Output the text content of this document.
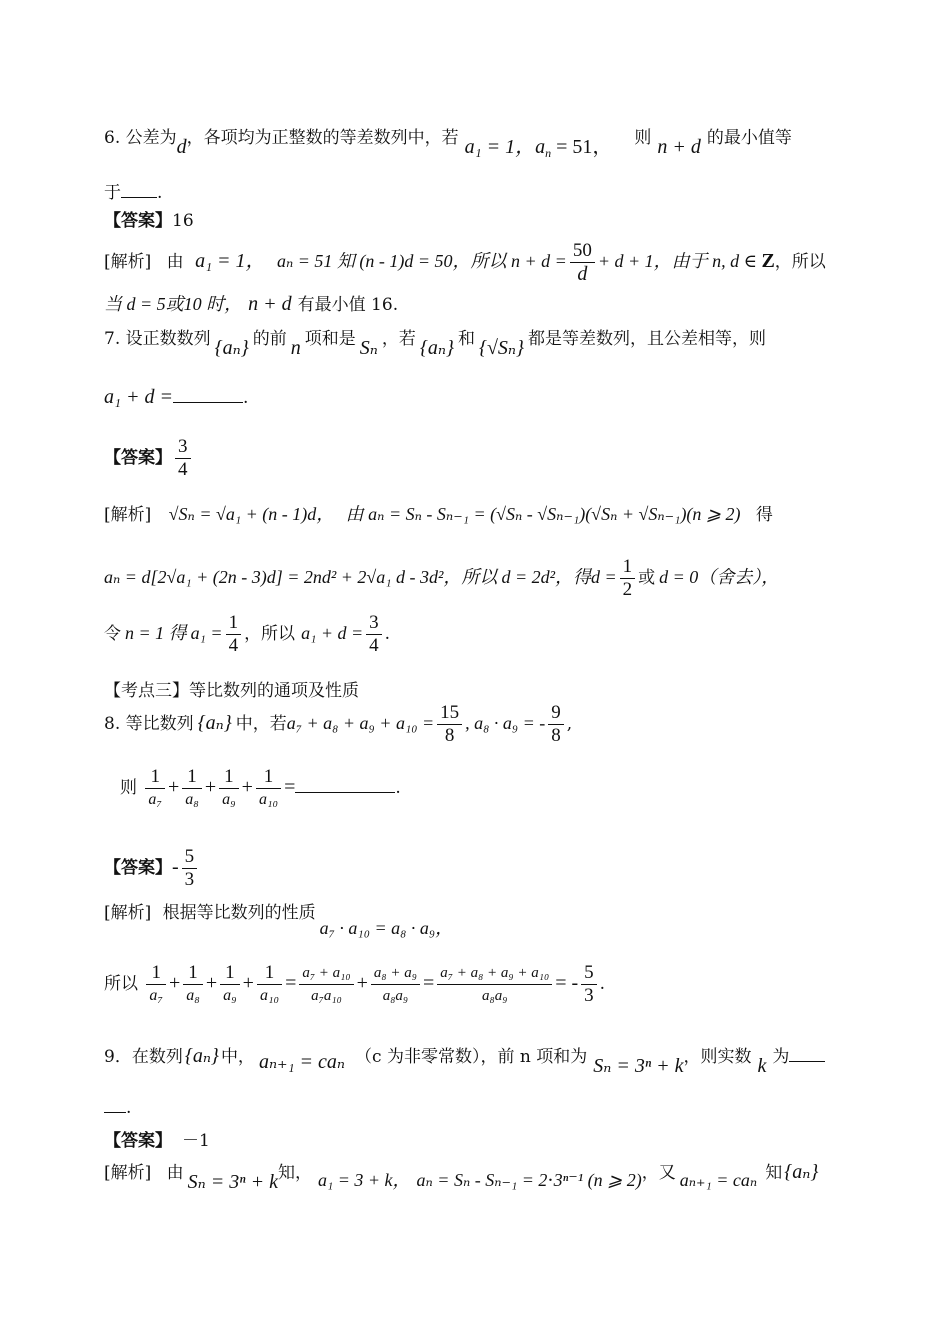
6. 公差为d，各项均为正整数的等差数列中，若 a₁ = 1，$a_n = 51$， 则 n + d 的最小值等
于 .
【答案】16
[解析] 由 a₁ = 1， aₙ = 51 知 (n - 1)d = 50，所以 $n + d = \frac{50}{d} + d + 1$，由于 n, d ∈ Z，所以
当 d = 5或10 时， n + d 有最小值 16.
7. 设正数数列 {aₙ} 的前 n 项和是 Sₙ ，若 {aₙ} 和 {√Sₙ} 都是等差数列，且公差相等，则
a₁ + d =	.
【答案】 $\frac{3}{4}$
[解析] √Sₙ = √a₁ + (n - 1)d， 由 aₙ = Sₙ - Sₙ₋₁ = (√Sₙ - √Sₙ₋₁)(√Sₙ + √Sₙ₋₁)(n ⩾ 2) 得
aₙ = d[2√a₁ + (2n - 3)d] = 2nd² + 2√a₁ d - 3d²，所以 d = 2d²，得$d = \frac{1}{2}$ 或 d = 0（舍去），
令 n = 1 得 $a_1 = \frac{1}{4}$ ，所以 $a_1 + d = \frac{3}{4}$ .
【考点三】等比数列的通项及性质
8. 等比数列 {aₙ} 中，若$a_7 + a_8 + a_9 + a_{10} = \frac{15}{8}$ , a₈ · a₉ = - $\frac{9}{8}$ ,
则 $\frac{1}{\text{a₇}} + \frac{1}{\text{a₈}} + \frac{1}{\text{a₉}} + \frac{1}{\text{a₁₀}}$ =	.
【答案】- $\frac{5}{3}$
[解析] 根据等比数列的性质a₇ · a₁₀ = a₈ · a₉，
所以 $\frac{1}{\text{a₇}} + \frac{1}{\text{a₈}} + \frac{1}{\text{a₉}} + \frac{1}{\text{a₁₀}} = \frac{\text{a₇ + a₁₀}}{\text{a₇a₁₀}} + \frac{\text{a₈ + a₉}}{\text{a₈a₉}} = \frac{\text{a₇ + a₈ + a₉ + a₁₀}}{\text{a₈a₉}}$ = - $\frac{5}{3}$ .
9．在数列 {aₙ} 中， aₙ₊₁ = caₙ （c 为非零常数），前 n 项和为 Sₙ = 3ⁿ + k，则实数 k 为
.
【答案】 －1
[解析] 由 Sₙ = 3ⁿ + k知， a₁ = 3 + k， aₙ = Sₙ - Sₙ₋₁ = 2⋅3ⁿ⁻¹ (n ⩾ 2)，又 aₙ₊₁ = caₙ 知 {aₙ}
